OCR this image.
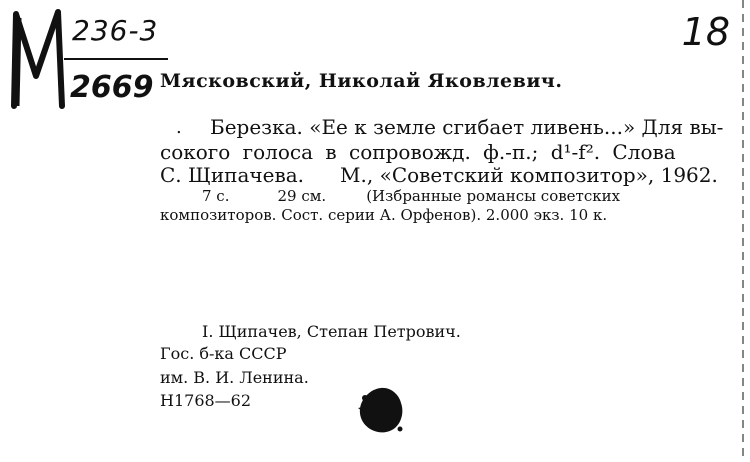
236-3
2669
18
Мясковский, Николай Яковлевич.
. Березка. «Ее к земле сгибает ливень...» Для вы-
сокого голоса в сопровожд. ф.-п.; d¹-f². Слова
С. Щипачева. М., «Советский композитор», 1962.
7 с.	29 см.	(Избранные романсы советских
композиторов. Сост. серии А. Орфенов). 2.000 экз. 10 к.
I. Щипачев, Степан Петрович.
Гос. б-ка СССР
им. В. И. Ленина.
Н1768—62
